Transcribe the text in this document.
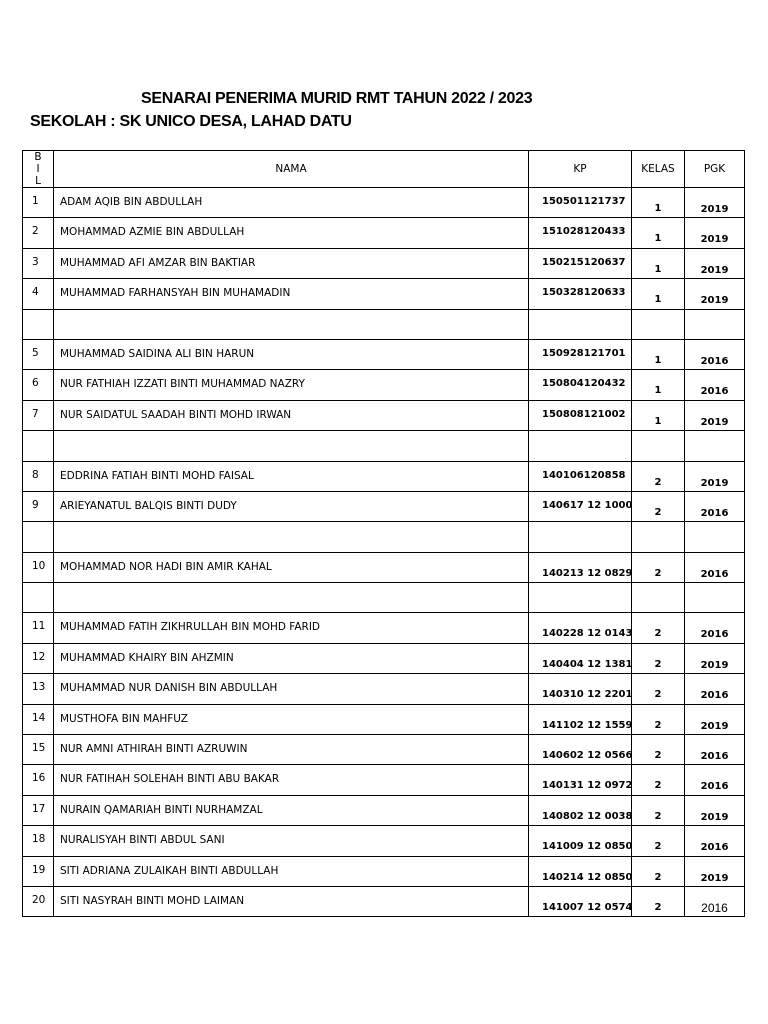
SENARAI PENERIMA MURID RMT TAHUN 2022 / 2023
SEKOLAH : SK UNICO DESA, LAHAD DATU
BI L	NAMA	KP	KELAS	PGK

1	ADAM AQIB BIN ABDULLAH	150501121737	1	2019

2	MOHAMMAD AZMIE BIN ABDULLAH	151028120433	1	2019

3	MUHAMMAD AFI AMZAR BIN BAKTIAR	150215120637	1	2019

4	MUHAMMAD FARHANSYAH BIN MUHAMADIN	150328120633	1	2019

5	MUHAMMAD SAIDINA ALI BIN HARUN	150928121701	1	2016

6	NUR FATHIAH IZZATI BINTI MUHAMMAD NAZRY	150804120432	1	2016

7	NUR SAIDATUL SAADAH BINTI MOHD IRWAN	150808121002	1	2019

8	EDDRINA FATIAH BINTI MOHD FAISAL	140106120858	2	2019

9	ARIEYANATUL BALQIS BINTI DUDY	140617 12 1000	2	2016

10	MOHAMMAD NOR HADI BIN AMIR KAHAL	140213 12 0829	2	2016

11	MUHAMMAD FATIH ZIKHRULLAH BIN MOHD FARID	140228 12 0143	2	2016

12	MUHAMMAD KHAIRY BIN AHZMIN	140404 12 1381	2	2019

13	MUHAMMAD NUR DANISH BIN ABDULLAH	140310 12 2201	2	2016

14	MUSTHOFA BIN MAHFUZ	141102 12 1559	2	2019

15	NUR AMNI ATHIRAH BINTI AZRUWIN	140602 12 0566	2	2016

16	NUR FATIHAH SOLEHAH BINTI ABU BAKAR	140131 12 0972	2	2016

17	NURAIN QAMARIAH BINTI NURHAMZAL	140802 12 0038	2	2019

18	NURALISYAH BINTI ABDUL SANI	141009 12 0850	2	2016

19	SITI ADRIANA ZULAIKAH BINTI ABDULLAH	140214 12 0850	2	2019

20	SITI NASYRAH BINTI MOHD LAIMAN	141007 12 0574	2	2016
